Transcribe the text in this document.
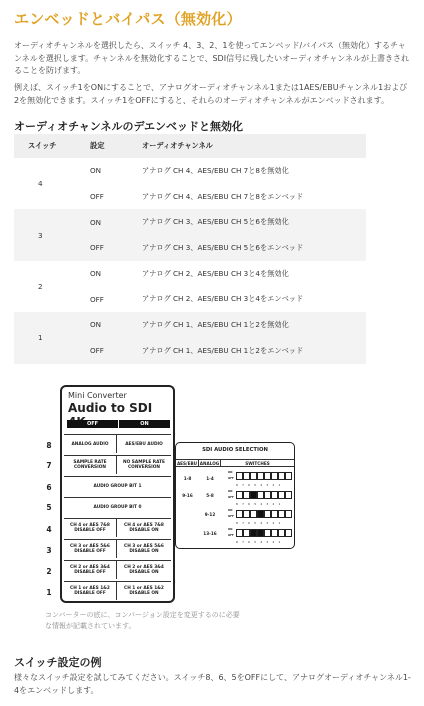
エンベッドとバイパス（無効化）

オーディオチャンネルを選択したら、スイッチ 4、3、2、1を使ってエンベッド/バイパス（無効化）するチャンネルを選択します。チャンネルを無効化することで、SDI信号に残したいオーディオチャンネルが上書きされることを防げます。

例えば、スイッチ1をONにすることで、アナログオーディオチャンネル1または1AES/EBUチャンネル1および2を無効化できます。スイッチ1をOFFにすると、それらのオーディオチャンネルがエンベッドされます。

オーディオチャンネルのデエンベッドと無効化
スイッチ	設定	オーディオチャンネル
4	ON	アナログ CH 4、AES/EBU CH 7と8を無効化
	OFF	アナログ CH 4、AES/EBU CH 7と8をエンベッド
3	ON	アナログ CH 3、AES/EBU CH 5と6を無効化
	OFF	アナログ CH 3、AES/EBU CH 5と6をエンベッド
2	ON	アナログ CH 2、AES/EBU CH 3と4を無効化
	OFF	アナログ CH 2、AES/EBU CH 3と4をエンベッド
1	ON	アナログ CH 1、AES/EBU CH 1と2を無効化
	OFF	アナログ CH 1、AES/EBU CH 1と2をエンベッド
8
7
6
5
4
3
2
1
Mini Converter
Audio to SDI
OFF	ON
ANALOG AUDIO	AES/EBU AUDIO
SAMPLE RATE CONVERSION
NO SAMPLE RATE CONVERSION
AUDIO GROUP BIT 1
AUDIO GROUP BIT 0
CH 4 or AES 7&8 DISABLE OFF
CH 4 or AES 7&8 DISABLE ON
CH 3 or AES 5&6 DISABLE OFF
CH 3 or AES 5&6 DISABLE ON
CH 2 or AES 3&4 DISABLE OFF
CH 2 or AES 3&4 DISABLE ON
CH 1 or AES 1&2 DISABLE OFF
CH 1 or AES 1&2 DISABLE ON
SDI AUDIO SELECTION
AES/EBU ANALOG	SWITCHES
1-8	1-4
9-16	5-8
9-12
13-16
ON
OFF
87654321
ON
OFF
87654321
ON
OFF
87654321
ON
OFF
87654321
コンバーターの底に、コンバージョン設定を変更するのに必要な情報が記載されています。
スイッチ設定の例

様々なスイッチ設定を試してみてください。スイッチ8、6、5をOFFにして、アナログオーディオチャンネル1-4をエンベッドします。
